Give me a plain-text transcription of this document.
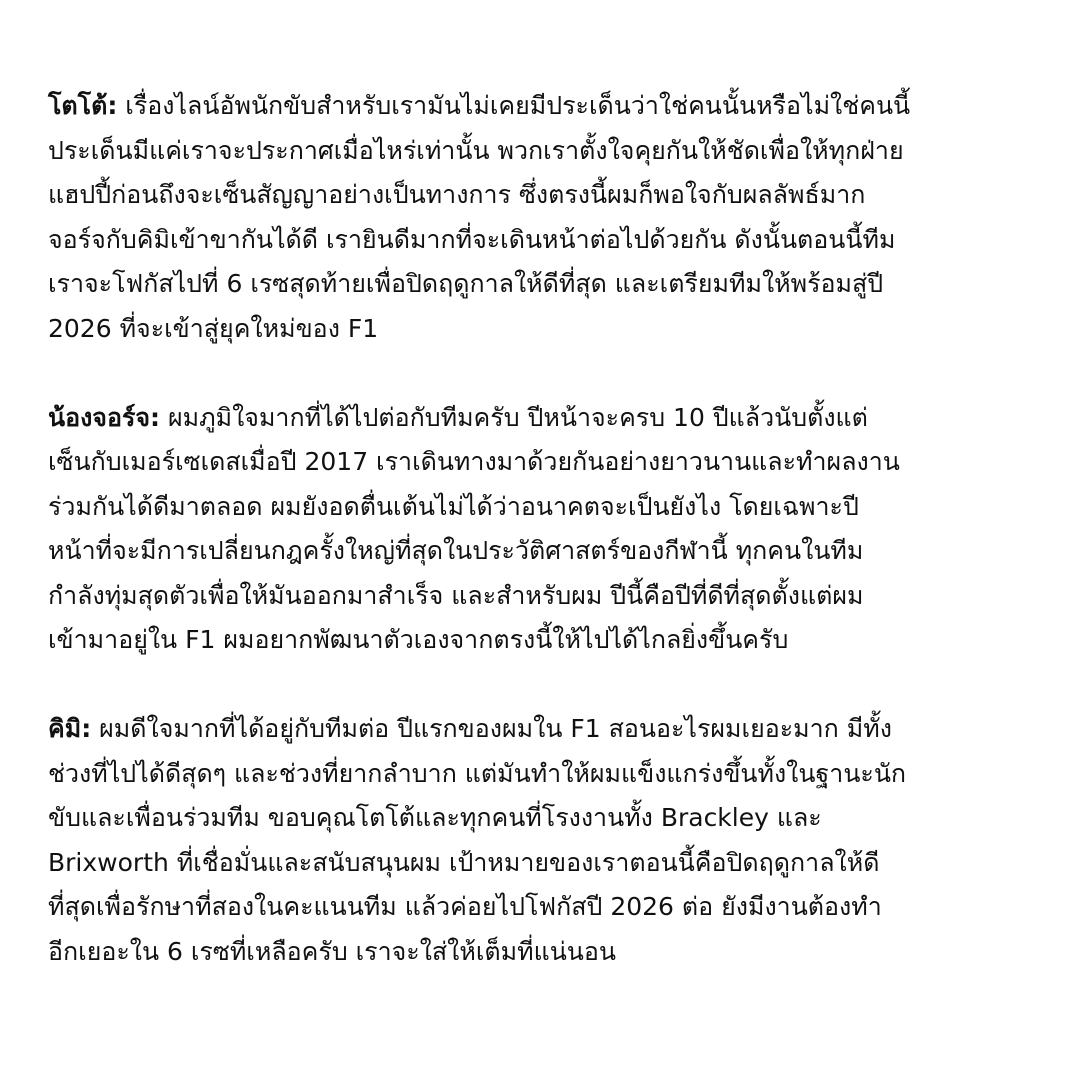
โตโต้: เรื่องไลน์อัพนักขับสำหรับเรามันไม่เคยมีประเด็นว่าใช่คนนั้นหรือไม่ใช่คนนี้
ประเด็นมีแค่เราจะประกาศเมื่อไหร่เท่านั้น พวกเราตั้งใจคุยกันให้ชัดเพื่อให้ทุกฝ่าย
แฮปปี้ก่อนถึงจะเซ็นสัญญาอย่างเป็นทางการ ซึ่งตรงนี้ผมก็พอใจกับผลลัพธ์มาก
จอร์จกับคิมิเข้าขากันได้ดี เรายินดีมากที่จะเดินหน้าต่อไปด้วยกัน ดังนั้นตอนนี้ทีม
เราจะโฟกัสไปที่ 6 เรซสุดท้ายเพื่อปิดฤดูกาลให้ดีที่สุด และเตรียมทีมให้พร้อมสู่ปี
2026 ที่จะเข้าสู่ยุคใหม่ของ F1

น้องจอร์จ: ผมภูมิใจมากที่ได้ไปต่อกับทีมครับ ปีหน้าจะครบ 10 ปีแล้วนับตั้งแต่
เซ็นกับเมอร์เซเดสเมื่อปี 2017 เราเดินทางมาด้วยกันอย่างยาวนานและทำผลงาน
ร่วมกันได้ดีมาตลอด ผมยังอดตื่นเต้นไม่ได้ว่าอนาคตจะเป็นยังไง โดยเฉพาะปี
หน้าที่จะมีการเปลี่ยนกฎครั้งใหญ่ที่สุดในประวัติศาสตร์ของกีฬานี้ ทุกคนในทีม
กำลังทุ่มสุดตัวเพื่อให้มันออกมาสำเร็จ และสำหรับผม ปีนี้คือปีที่ดีที่สุดตั้งแต่ผม
เข้ามาอยู่ใน F1 ผมอยากพัฒนาตัวเองจากตรงนี้ให้ไปได้ไกลยิ่งขึ้นครับ

คิมิ: ผมดีใจมากที่ได้อยู่กับทีมต่อ ปีแรกของผมใน F1 สอนอะไรผมเยอะมาก มีทั้ง
ช่วงที่ไปได้ดีสุดๆ และช่วงที่ยากลำบาก แต่มันทำให้ผมแข็งแกร่งขึ้นทั้งในฐานะนัก
ขับและเพื่อนร่วมทีม ขอบคุณโตโต้และทุกคนที่โรงงานทั้ง Brackley และ
Brixworth ที่เชื่อมั่นและสนับสนุนผม เป้าหมายของเราตอนนี้คือปิดฤดูกาลให้ดี
ที่สุดเพื่อรักษาที่สองในคะแนนทีม แล้วค่อยไปโฟกัสปี 2026 ต่อ ยังมีงานต้องทำ
อีกเยอะใน 6 เรซที่เหลือครับ เราจะใส่ให้เต็มที่แน่นอน
